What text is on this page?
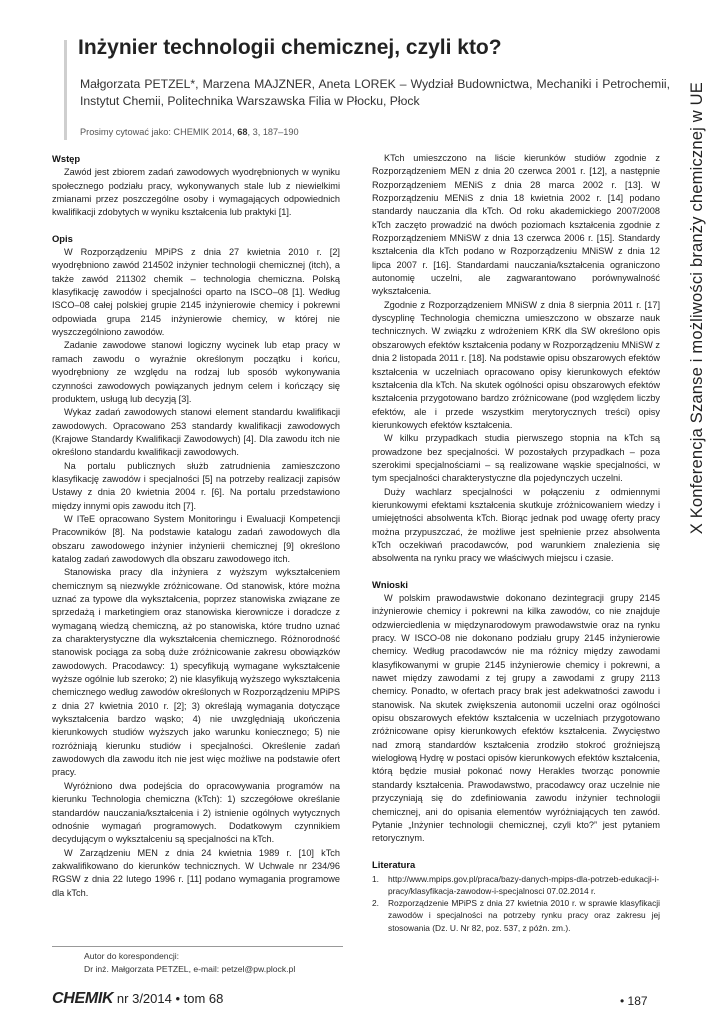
X Konferencja Szanse i możliwości branży chemicznej w UE
Inżynier technologii chemicznej, czyli kto?
Małgorzata PETZEL*, Marzena MAJZNER, Aneta LOREK – Wydział Budownictwa, Mechaniki i Petrochemii, Instytut Chemii, Politechnika Warszawska Filia w Płocku, Płock
Prosimy cytować jako: CHEMIK 2014, 68, 3, 187–190
Wstęp

Zawód jest zbiorem zadań zawodowych wyodrębnionych w wyniku społecznego podziału pracy, wykonywanych stale lub z niewielkimi zmianami przez poszczególne osoby i wymagających odpowiednich kwalifikacji zdobytych w wyniku kształcenia lub praktyki [1].

Opis

W Rozporządzeniu MPiPS z dnia 27 kwietnia 2010 r. [2] wyodrębniono zawód 214502 inżynier technologii chemicznej (itch), a także zawód 211302 chemik – technologia chemiczna. Polską klasyfikację zawodów i specjalności oparto na ISCO–08 [1]. Według ISCO–08 całej polskiej grupie 2145 inżynierowie chemicy i pokrewni odpowiada grupa 2145 inżynierowie chemicy, w której nie wyszczególniono zawodów.

Zadanie zawodowe stanowi logiczny wycinek lub etap pracy w ramach zawodu o wyraźnie określonym początku i końcu, wyodrębniony ze względu na rodzaj lub sposób wykonywania czynności zawodowych powiązanych jednym celem i kończący się produktem, usługą lub decyzją [3].

Wykaz zadań zawodowych stanowi element standardu kwalifikacji zawodowych. Opracowano 253 standardy kwalifikacji zawodowych (Krajowe Standardy Kwalifikacji Zawodowych) [4]. Dla zawodu itch nie określono standardu kwalifikacji zawodowych.

Na portalu publicznych służb zatrudnienia zamieszczono klasyfikację zawodów i specjalności [5] na potrzeby realizacji zapisów Ustawy z dnia 20 kwietnia 2004 r. [6]. Na portalu przedstawiono między innymi opis zawodu itch [7].

W ITeE opracowano System Monitoringu i Ewaluacji Kompetencji Pracowników [8]. Na podstawie katalogu zadań zawodowych dla obszaru zawodowego inżynier inżynierii chemicznej [9] określono katalog zadań zawodowych dla obszaru zawodowego itch.

Stanowiska pracy dla inżyniera z wyższym wykształceniem chemicznym są niezwykle zróżnicowane. Od stanowisk, które można uznać za typowe dla wykształcenia, poprzez stanowiska związane ze sprzedażą i marketingiem oraz stanowiska kierownicze i doradcze z wymaganą wiedzą chemiczną, aż po stanowiska, które trudno uznać za charakterystyczne dla wykształcenia chemicznego. Różnorodność stanowisk pociąga za sobą duże zróżnicowanie zakresu obowiązków zawodowych. Pracodawcy: 1) specyfikują wymagane wykształcenie wyższe ogólnie lub szeroko; 2) nie klasyfikują wyższego wykształcenia chemicznego według zawodów określonych w Rozporządzeniu MPiPS z dnia 27 kwietnia 2010 r. [2]; 3) określają wymagania dotyczące wykształcenia bardzo wąsko; 4) nie uwzględniają ukończenia kierunkowych studiów wyższych jako warunku koniecznego; 5) nie rozróżniają kierunku studiów i specjalności. Określenie zadań zawodowych dla zawodu itch nie jest więc możliwe na podstawie ofert pracy.

Wyróżniono dwa podejścia do opracowywania programów na kierunku Technologia chemiczna (kTch): 1) szczegółowe określanie standardów nauczania/kształcenia i 2) istnienie ogólnych wytycznych odnośnie wymagań programowych. Dodatkowym czynnikiem decydującym o wykształceniu są specjalności na kTch.

W Zarządzeniu MEN z dnia 24 kwietnia 1989 r. [10] kTch zakwalifikowano do kierunków technicznych. W Uchwale nr 234/96 RGSW z dnia 22 lutego 1996 r. [11] podano wymagania programowe dla kTch.

KTch umieszczono na liście kierunków studiów zgodnie z Rozporządzeniem MEN z dnia 20 czerwca 2001 r. [12], a następnie Rozporządzeniem MENiS z dnia 28 marca 2002 r. [13]. W Rozporządzeniu MENiS z dnia 18 kwietnia 2002 r. [14] podano standardy nauczania dla kTch. Od roku akademickiego 2007/2008 kTch zaczęto prowadzić na dwóch poziomach kształcenia zgodnie z Rozporządzeniem MNiSW z dnia 13 czerwca 2006 r. [15]. Standardy kształcenia dla kTch podano w Rozporządzeniu MNiSW z dnia 12 lipca 2007 r. [16]. Standardami nauczania/kształcenia ograniczono autonomię uczelni, ale zagwarantowano porównywalność wykształcenia.

Zgodnie z Rozporządzeniem MNiSW z dnia 8 sierpnia 2011 r. [17] dyscyplinę Technologia chemiczna umieszczono w obszarze nauk technicznych. W związku z wdrożeniem KRK dla SW określono opis obszarowych efektów kształcenia podany w Rozporządzeniu MNiSW z dnia 2 listopada 2011 r. [18]. Na podstawie opisu obszarowych efektów kształcenia w uczelniach opracowano opisy kierunkowych efektów kształcenia dla kTch. Na skutek ogólności opisu obszarowych efektów kształcenia przygotowano bardzo zróżnicowane (pod względem liczby efektów, ale i przede wszystkim merytorycznych treści) opisy kierunkowych efektów kształcenia.

W kilku przypadkach studia pierwszego stopnia na kTch są prowadzone bez specjalności. W pozostałych przypadkach – poza szerokimi specjalnościami – są realizowane wąskie specjalności, w tym specjalności charakterystyczne dla pojedynczych uczelni.

Duży wachlarz specjalności w połączeniu z odmiennymi kierunkowymi efektami kształcenia skutkuje zróżnicowaniem wiedzy i umiejętności absolwenta kTch. Biorąc jednak pod uwagę oferty pracy można przypuszczać, że możliwe jest spełnienie przez absolwenta kTch oczekiwań pracodawców, pod warunkiem znalezienia się absolwenta na rynku pracy we właściwych miejscu i czasie.

Wnioski

W polskim prawodawstwie dokonano dezintegracji grupy 2145 inżynierowie chemicy i pokrewni na kilka zawodów, co nie znajduje odzwierciedlenia w międzynarodowym prawodawstwie oraz na rynku pracy. W ISCO-08 nie dokonano podziału grupy 2145 inżynierowie chemicy. Według pracodawców nie ma różnicy między zawodami klasyfikowanymi w grupie 2145 inżynierowie chemicy i pokrewni, a nawet między zawodami z tej grupy a zawodami z grupy 2113 chemicy. Ponadto, w ofertach pracy brak jest adekwatności zawodu i stanowisk. Na skutek zwiększenia autonomii uczelni oraz ogólności opisu obszarowych efektów kształcenia w uczelniach przygotowano zróżnicowane opisy kierunkowych efektów kształcenia. Zwycięstwo nad zmorą standardów kształcenia zrodziło stokroć groźniejszą wielogłową Hydrę w postaci opisów kierunkowych efektów kształcenia, którą będzie musiał pokonać nowy Herakles tworząc ponownie standardy kształcenia. Prawodawstwo, pracodawcy oraz uczelnie nie przyczyniają się do zdefiniowania zawodu inżynier technologii chemicznej, ani do opisania elementów wyróżniających ten zawód. Pytanie „Inżynier technologii chemicznej, czyli kto?” jest pytaniem retorycznym.

Literatura
1.	http://www.mpips.gov.pl/praca/bazy-danych-mpips-dla-potrzeb-edukacji-i-pracy/klasyfikacja-zawodow-i-specjalnosci 07.02.2014 r.
2.	Rozporządzenie MPiPS z dnia 27 kwietnia 2010 r. w sprawie klasyfikacji zawodów i specjalności na potrzeby rynku pracy oraz zakresu jej stosowania (Dz. U. Nr 82, poz. 537, z późn. zm.).
Autor do korespondencji:
Dr inż. Małgorzata PETZEL, e-mail: petzel@pw.plock.pl
CHEMIK nr 3/2014 • tom 68	• 187
